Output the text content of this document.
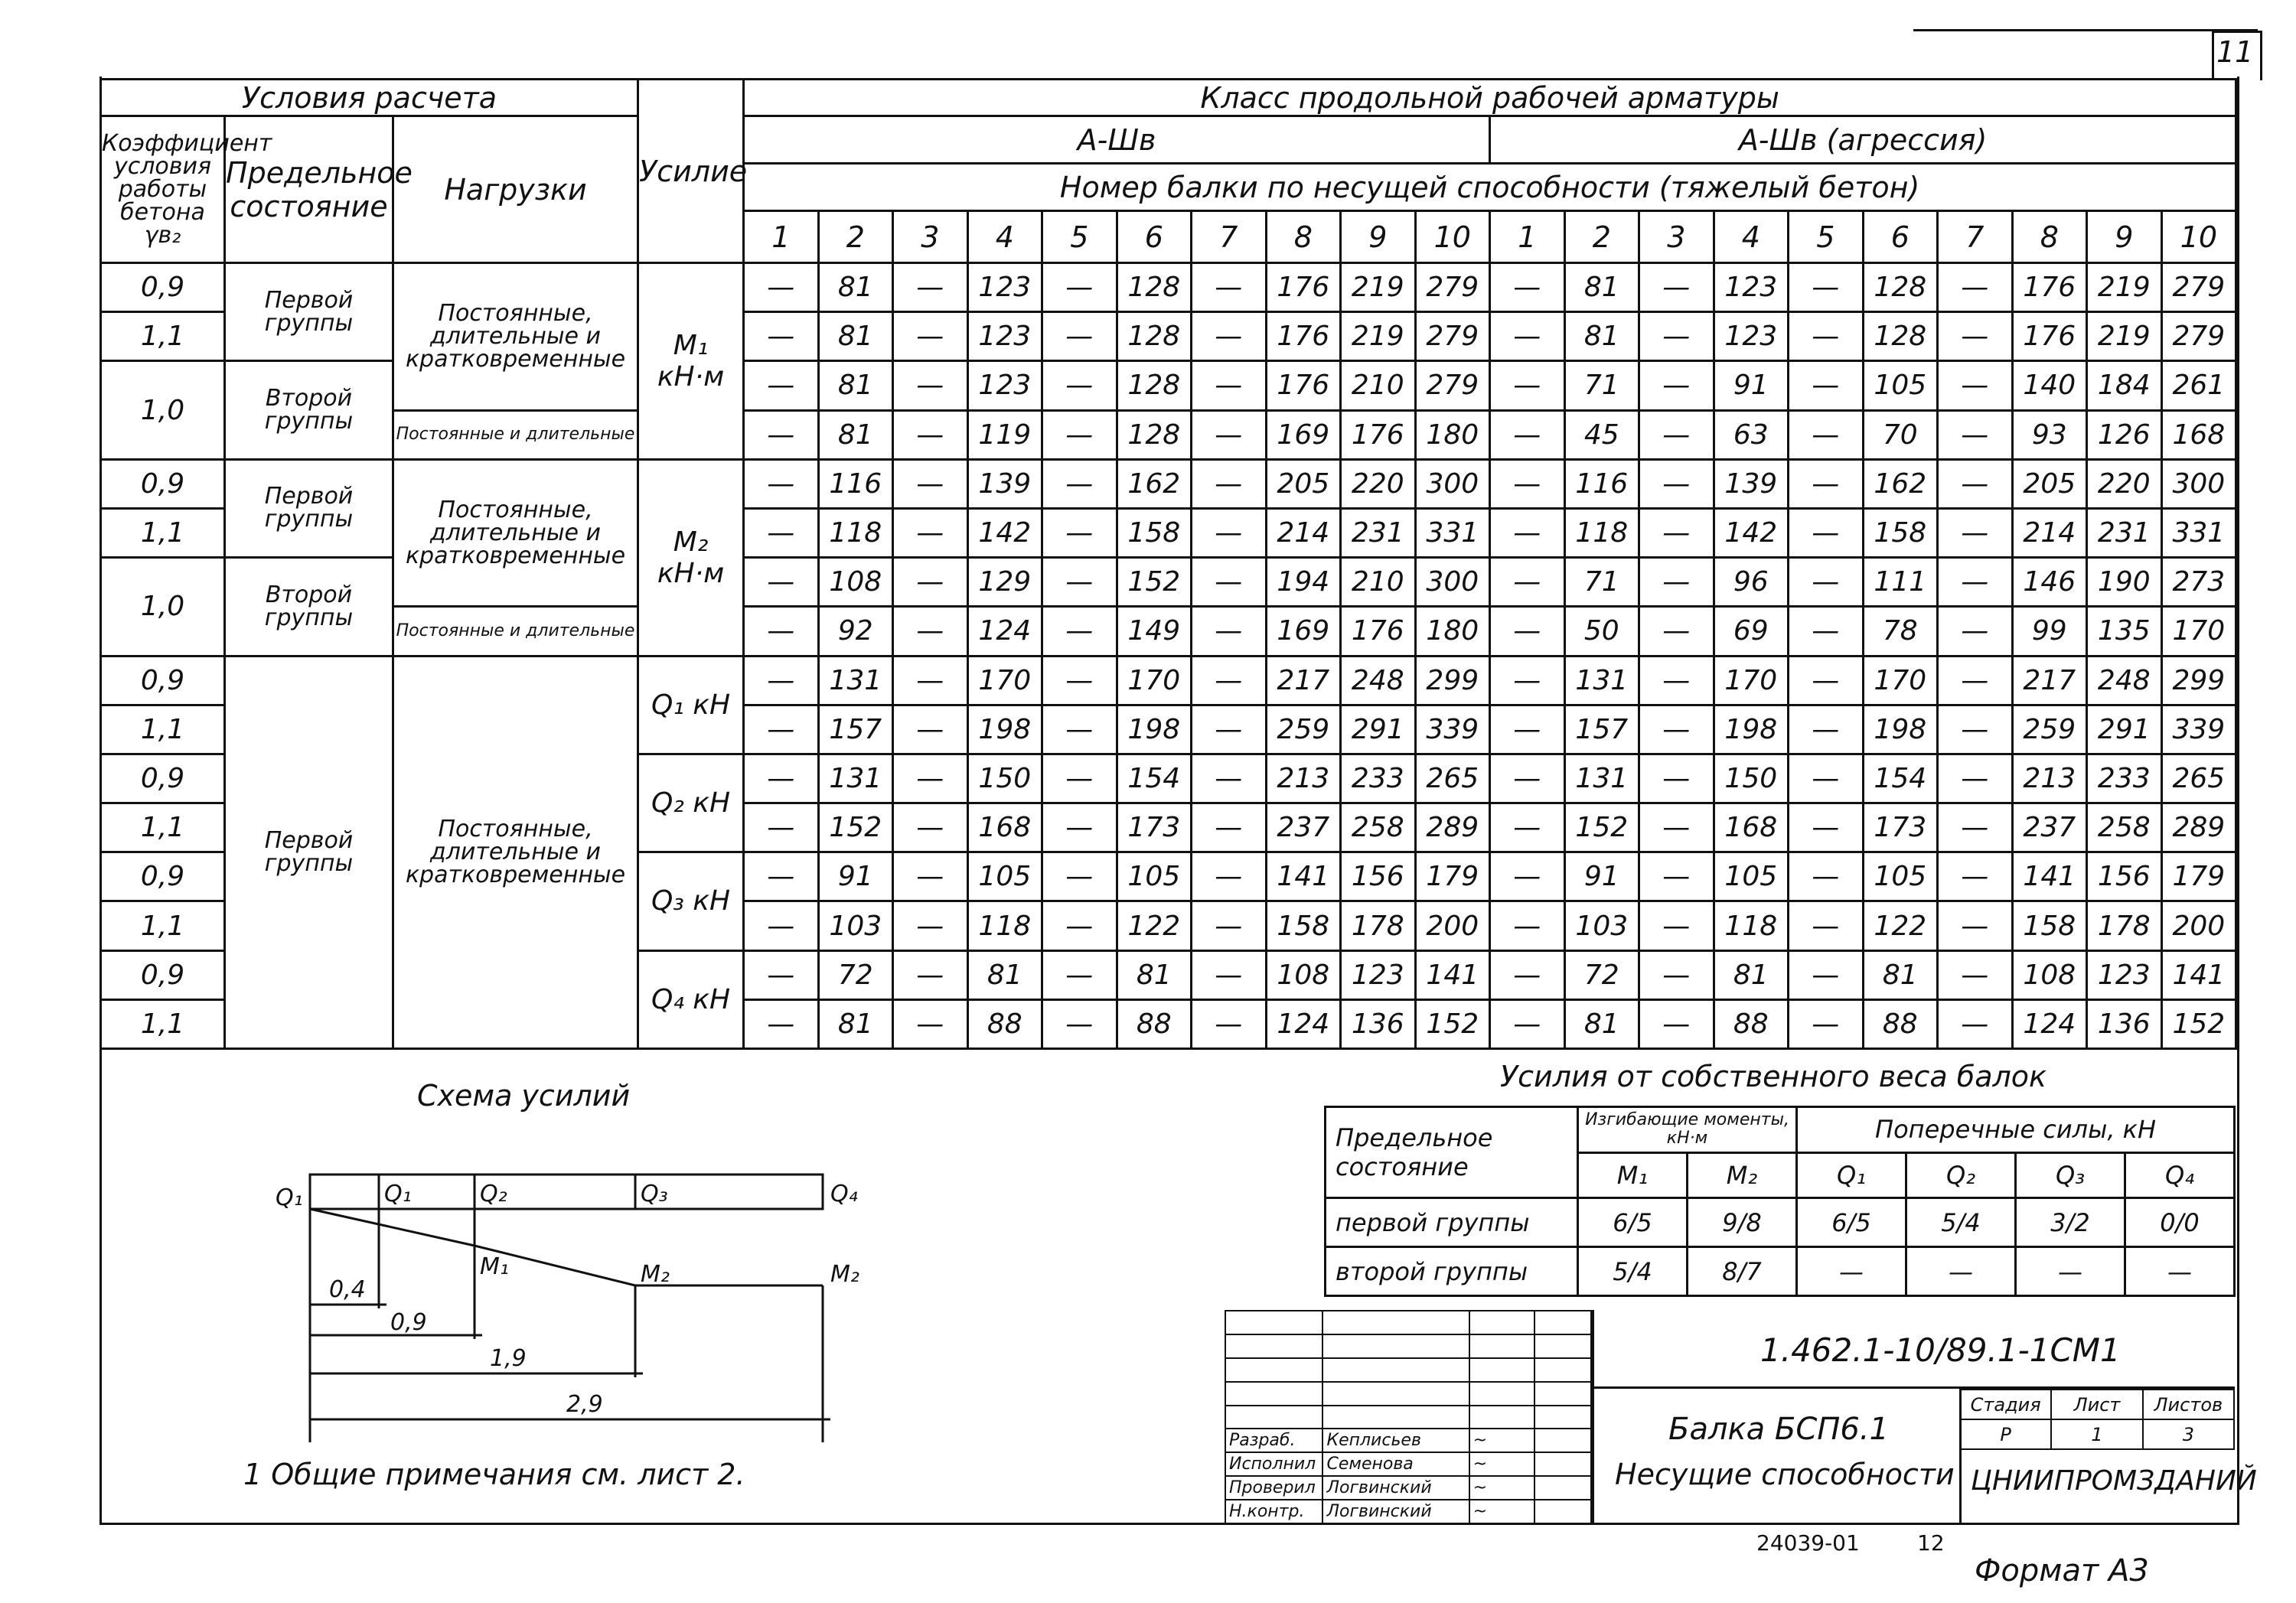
11
Условия расчета			Усилие	Класс продольной рабочей арматуры																			
Коэффициент условия работы бетона γв₂	Предельное состояние	Нагрузки		А-Шв										А-Шв (агрессия)									
				Номер балки по несущей способности (тяжелый бетон)																			
				1	2	3	4	5	6	7	8	9	10	1	2	3	4	5	6	7	8	9	10
0,9	Первой группы	Постоянные, длительные и кратковременные	M₁ кН·м	—	81	—	123	—	128	—	176	219	279	—	81	—	123	—	128	—	176	219	279
1,1				—	81	—	123	—	128	—	176	219	279	—	81	—	123	—	128	—	176	219	279
1,0	Второй группы			—	81	—	123	—	128	—	176	210	279	—	71	—	91	—	105	—	140	184	261
		Постоянные и длительные		—	81	—	119	—	128	—	169	176	180	—	45	—	63	—	70	—	93	126	168
0,9	Первой группы	Постоянные, длительные и кратковременные	M₂ кН·м	—	116	—	139	—	162	—	205	220	300	—	116	—	139	—	162	—	205	220	300
1,1				—	118	—	142	—	158	—	214	231	331	—	118	—	142	—	158	—	214	231	331
1,0	Второй группы			—	108	—	129	—	152	—	194	210	300	—	71	—	96	—	111	—	146	190	273
		Постоянные и длительные		—	92	—	124	—	149	—	169	176	180	—	50	—	69	—	78	—	99	135	170
0,9	Первой группы	Постоянные, длительные и кратковременные	Q₁ кН	—	131	—	170	—	170	—	217	248	299	—	131	—	170	—	170	—	217	248	299
1,1				—	157	—	198	—	198	—	259	291	339	—	157	—	198	—	198	—	259	291	339
0,9			Q₂ кН	—	131	—	150	—	154	—	213	233	265	—	131	—	150	—	154	—	213	233	265
1,1				—	152	—	168	—	173	—	237	258	289	—	152	—	168	—	173	—	237	258	289
0,9			Q₃ кН	—	91	—	105	—	105	—	141	156	179	—	91	—	105	—	105	—	141	156	179
1,1				—	103	—	118	—	122	—	158	178	200	—	103	—	118	—	122	—	158	178	200
0,9			Q₄ кН	—	72	—	81	—	81	—	108	123	141	—	72	—	81	—	81	—	108	123	141
1,1				—	81	—	88	—	88	—	124	136	152	—	81	—	88	—	88	—	124	136	152
Схема усилий
Q₁	Q₁	Q₂	Q₃	Q₄
M₁	M₂	M₂
0,4
0,9
1,9
2,9
1 Общие примечания см. лист 2.
Усилия от собственного веса балок
Предельное состояние	Изгибающие моменты, кН·м		Поперечные силы, кН			
	M₁	M₂	Q₁	Q₂	Q₃	Q₄
первой группы	6/5	9/8	6/5	5/4	3/2	0/0
второй группы	5/4	8/7	—	—	—	—

Разраб.	Кеплисьев	~	
Исполнил	Семенова	~	
Проверил	Логвинский	~	
Н.контр.	Логвинский	~	
1.462.1-10/89.1-1СМ1
Балка БСП6.1
Несущие способности
Стадия	Лист	Листов
Р	1	3
ЦНИИПРОМЗДАНИЙ
24039-01	12
Формат А3
